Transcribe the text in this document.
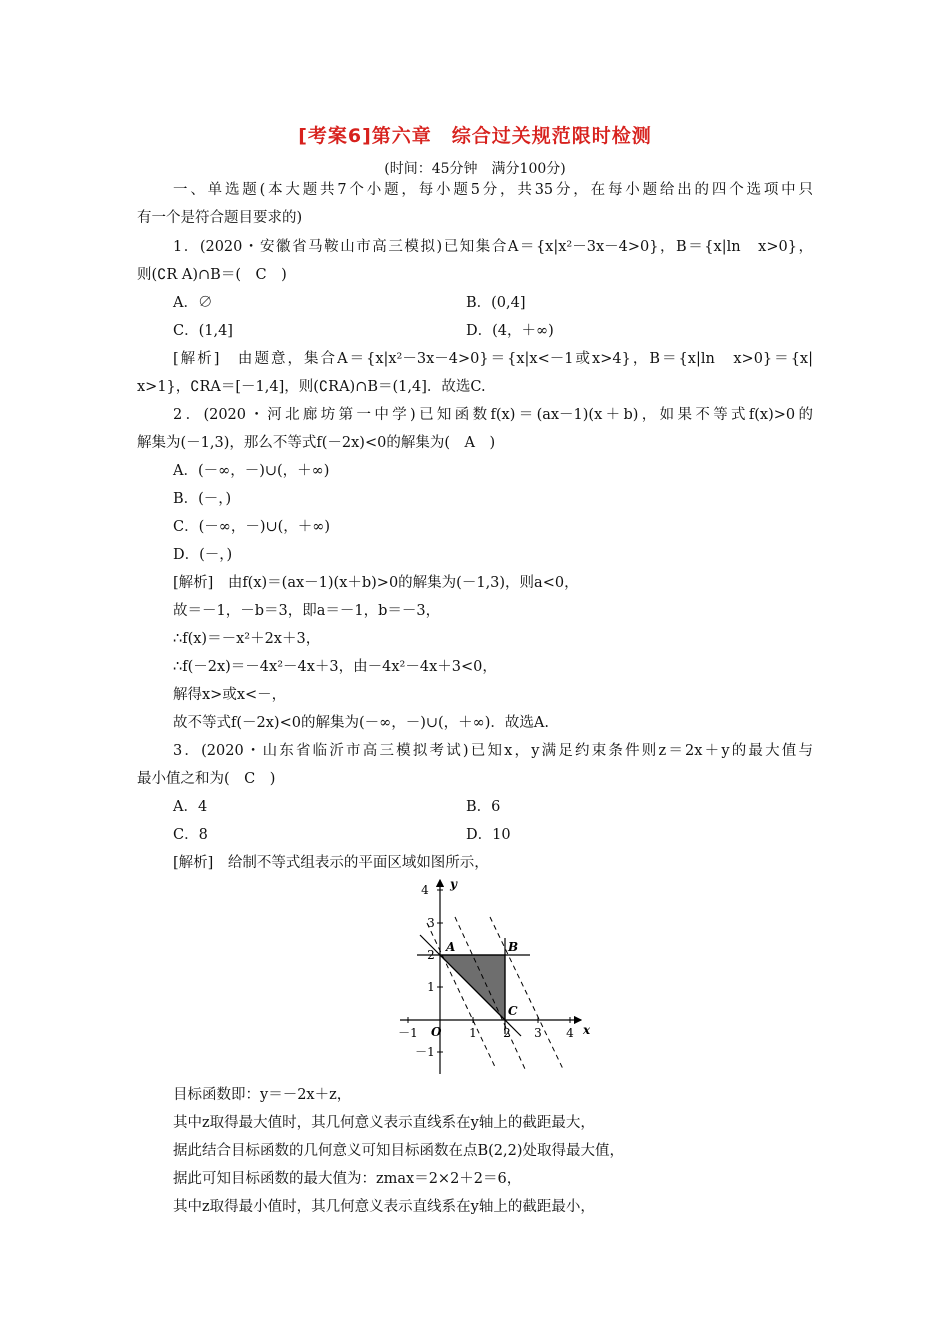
[考案6]第六章　综合过关规范限时检测
(时间：45分钟　满分100分)
一、单选题(本大题共7个小题，每小题5分，共35分，在每小题给出的四个选项中只
有一个是符合题目要求的)
1．(2020・安徽省马鞍山市高三模拟)已知集合A＝{x|x²－3x－4>0}，B＝{x|ln　x>0}，
则(∁R A)∩B＝(　C　)
A．∅	B．(0,4]
C．(1,4]	D．(4，＋∞)
[解析]　由题意，集合A＝{x|x²－3x－4>0}＝{x|x<－1或x>4}，B＝{x|ln　x>0}＝{x|
x>1}，∁RA＝[－1,4]，则(∁RA)∩B＝(1,4]．故选C.
2．(2020・河北廊坊第一中学)已知函数f(x)＝(ax－1)(x＋b)，如果不等式f(x)>0的
解集为(－1,3)，那么不等式f(－2x)<0的解集为(　A　)
A．(－∞，－)∪(，＋∞)
B．(－，)
C．(－∞，－)∪(，＋∞)
D．(－，)
[解析]　由f(x)＝(ax－1)(x＋b)>0的解集为(－1,3)，则a<0，
故＝－1，－b＝3，即a＝－1，b＝－3，
∴f(x)＝－x²＋2x＋3，
∴f(－2x)＝－4x²－4x＋3，由－4x²－4x＋3<0，
解得x>或x<－，
故不等式f(－2x)<0的解集为(－∞，－)∪(，＋∞)．故选A.
3．(2020・山东省临沂市高三模拟考试)已知x，y满足约束条件则z＝2x＋y的最大值与
最小值之和为(　C　)
A．4	B．6
C．8	D．10
[解析]　给制不等式组表示的平面区域如图所示，
4
3
2
1
－1
－1	1 2 3 4
O	x
y
A	B
C
目标函数即：y＝－2x＋z，
其中z取得最大值时，其几何意义表示直线系在y轴上的截距最大，
据此结合目标函数的几何意义可知目标函数在点B(2,2)处取得最大值，
据此可知目标函数的最大值为：zmax＝2×2＋2＝6，
其中z取得最小值时，其几何意义表示直线系在y轴上的截距最小，
